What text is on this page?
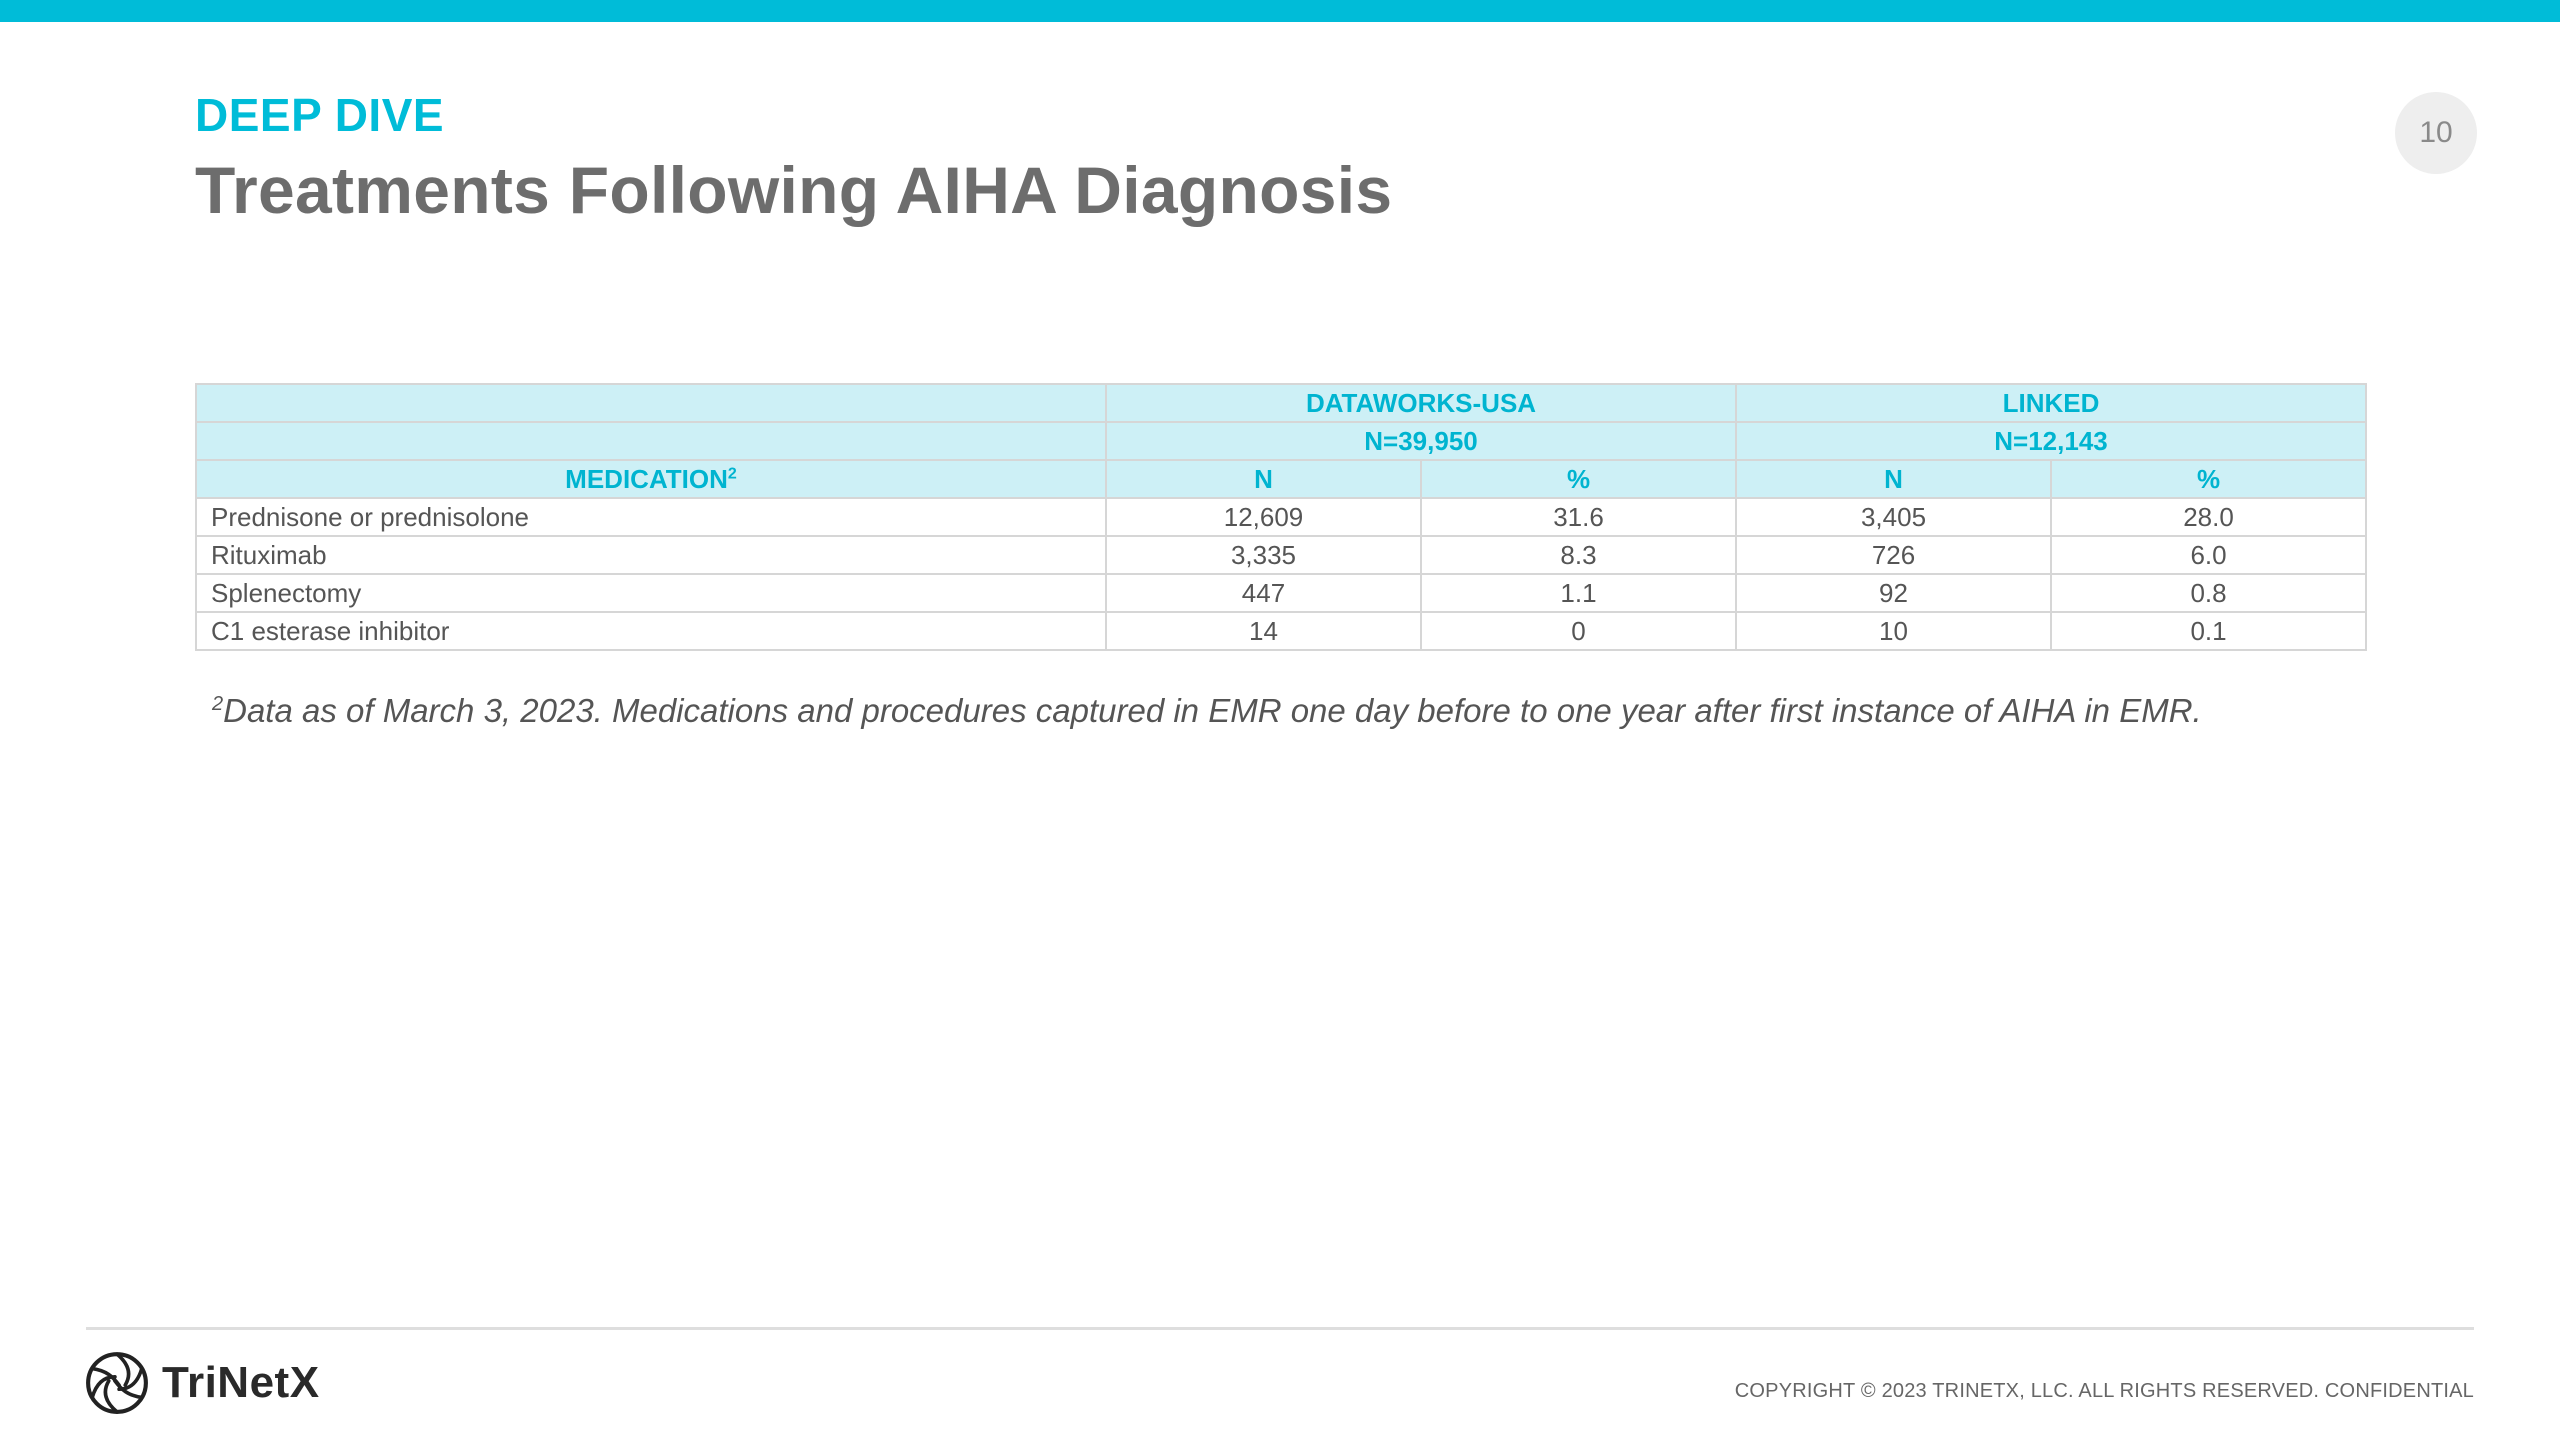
DEEP DIVE
Treatments Following AIHA Diagnosis
10
	DATAWORKS-USA		LINKED	
	N=39,950		N=12,143	
MEDICATION$^2$	N	%	N	%
Prednisone or prednisolone	12,609	31.6	3,405	28.0
Rituximab	3,335	8.3	726	6.0
Splenectomy	447	1.1	92	0.8
C1 esterase inhibitor	14	0	10	0.1
$^2$Data as of March 3, 2023. Medications and procedures captured in EMR one day before to one year after first instance of AIHA in EMR.
TriNetX	COPYRIGHT © 2023 TRINETX, LLC. ALL RIGHTS RESERVED. CONFIDENTIAL
